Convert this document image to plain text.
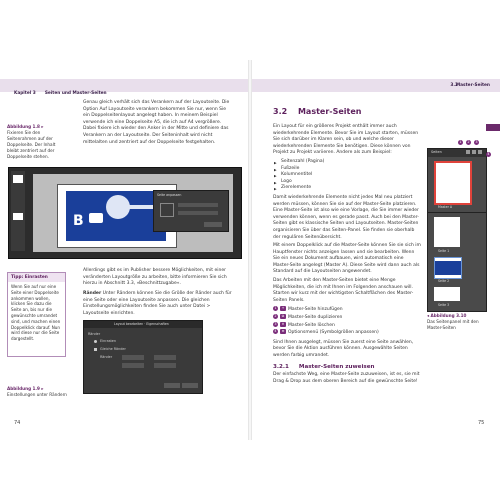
Kapitel 3 Seiten und Master-Seiten
Abbildung 1.8 ▸
Fixieren Sie den Seitenrahmen auf der Doppelseite. Der Inhalt bleibt zentriert auf der Doppelseite stehen.
Genau gleich verhält sich das Verankern auf der Layoutseite. Die Option Auf Layoutseite verankern bekommen Sie nur, wenn Sie ein Doppelseitenlayout angelegt haben. In meinem Beispiel verwende ich eine Doppelseite A5, die ich auf A4 vergrößere. Dabei fixiere ich wieder den Anker in der Mitte und definiere das Verankern an der Layoutseite. Der Seiteninhalt wird nicht mittelalten und zentriert auf der Doppelseite festgehalten.
B
Seite anpassen
Tipp: Einrasten
Wenn Sie auf nur eine Seite einer Doppelseite ankommen wollen, klicken Sie dazu die Seite an, bis nur die gewünschte umrandet sind, und machen einen Doppelklick darauf. Nun wird diese nur die Seite dargestellt.
Allerdings gibt es im Publisher bessere Möglichkeiten, mit einer veränderten Layoutgröße zu arbeiten, bitte informieren Sie sich hierzu in Abschnitt 3.3, »Beschnittzugabe«.
Ränder Unter Rändern können Sie die Größe der Ränder auch für eine Seite oder eine Layoutseite anpassen. Die gleichen Einstellungsmöglichkeiten finden Sie auch unter Datei > Layoutseite einrichten.
Layout bearbeiten · Eigenschaften
Ränder
Einrasten
Gleiche Ränder
Ränder
Abbildung 1.9 ▸
Einstellungen unter Rändern
74
3.2
Master-Seiten
3.2 Master-Seiten

Ein Layout für ein größeres Projekt enthält immer auch wiederkehrende Elemente. Bevor Sie im Layout starten, müssen Sie sich darüber im Klaren sein, ob und welche dieser wiederkehrenden Elemente Sie benötigen. Diese können von Projekt zu Projekt variieren. Andere als zum Beispiel:

▶ Seitenzahl (Pagina)
▶ Fußzeile
▶ Kolumnentitel
▶ Logo
▶ Zierelemente

Damit wiederkehrende Elemente nicht jedes Mal neu platziert werden müssen, können Sie sie auf der Master-Seite platzieren. Eine Master-Seite ist also wie eine Vorlage, die Sie immer wieder verwenden können, wenn es gerade passt. Auch bei den Master-Seiten gibt es klassische Seiten und Layoutseiten. Master-Seiten organisieren Sie über das Seiten-Panel. Sie finden sie oberhalb der regulären Seitenübersicht.

Mit einem Doppelklick auf die Master-Seite können Sie sie sich im Hauptfenster nichts anzeigen lassen und sie bearbeiten. Wenn Sie ein neues Dokument aufbauen, wird automatisch eine Master-Seite angelegt (Master A). Diese Seite wird dann auch als Standard auf die Layoutseiten angewendet.

Das Arbeiten mit den Master-Seiten bietet eine Menge Möglichkeiten, die ich mit Ihnen im Folgenden anschauen will. Starten wir kurz mit der wichtigsten Schaltflächen des Master-Seiten Panels.

1 + Master-Seite hinzufügen
2 ⧉ Master-Seite duplizieren
3 ✕ Master-Seite löschen
4 ≡ Optionsmenü (Symbolgrößen anpassen)

Sind Ihnen ausgelegt, müssen Sie zuerst eine Seite anwählen, bevor Sie die Aktion ausführen können. Ausgewählte Seiten werden farbig umrandet.

3.2.1 Master-Seiten zuweisen

Der einfachste Weg, eine Master-Seite zuzuweisen, ist es, sie mit Drag & Drop aus dem oberen Bereich auf die gewünschte Seite!

Seiten
Master A
Seite 1
Seite 2
Seite 3
1	2	3
4
◂ Abbildung 3.10
Das Seitenpanel mit den Master-Seiten
75
